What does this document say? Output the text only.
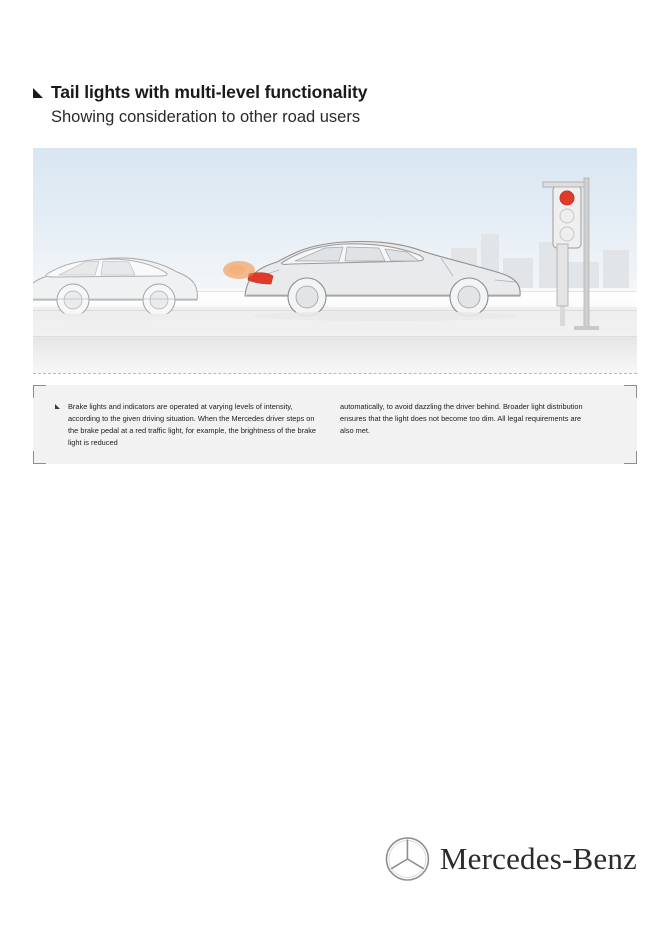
Tail lights with multi-level functionality
Showing consideration to other road users
Brake lights and indicators are operated at varying levels of intensity, according to the given driving situation. When the Mercedes driver steps on the brake pedal at a red traffic light, for example, the brightness of the brake light is reduced
automatically, to avoid dazzling the driver behind. Broader light distribution ensures that the light does not become too dim. All legal requirements are also met.
Mercedes-Benz
